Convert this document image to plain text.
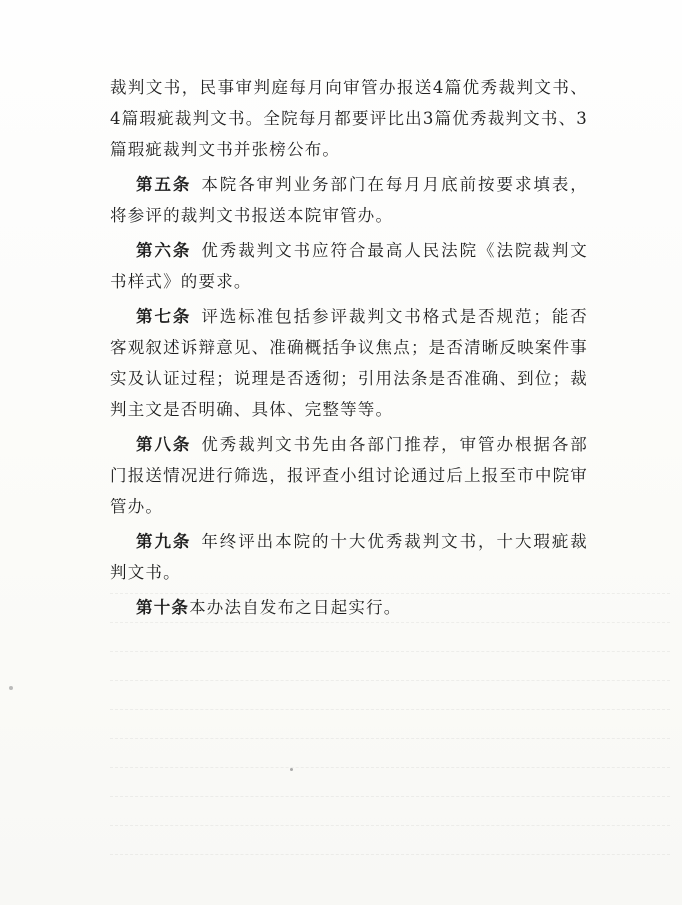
裁判文书，民事审判庭每月向审管办报送4篇优秀裁判文书、4篇瑕疵裁判文书。全院每月都要评比出3篇优秀裁判文书、3篇瑕疵裁判文书并张榜公布。

第五条 本院各审判业务部门在每月月底前按要求填表，将参评的裁判文书报送本院审管办。

第六条 优秀裁判文书应符合最高人民法院《法院裁判文书样式》的要求。

第七条 评选标准包括参评裁判文书格式是否规范；能否客观叙述诉辩意见、准确概括争议焦点；是否清晰反映案件事实及认证过程；说理是否透彻；引用法条是否准确、到位；裁判主文是否明确、具体、完整等等。

第八条 优秀裁判文书先由各部门推荐，审管办根据各部门报送情况进行筛选，报评查小组讨论通过后上报至市中院审管办。

第九条 年终评出本院的十大优秀裁判文书，十大瑕疵裁判文书。

第十条本办法自发布之日起实行。
